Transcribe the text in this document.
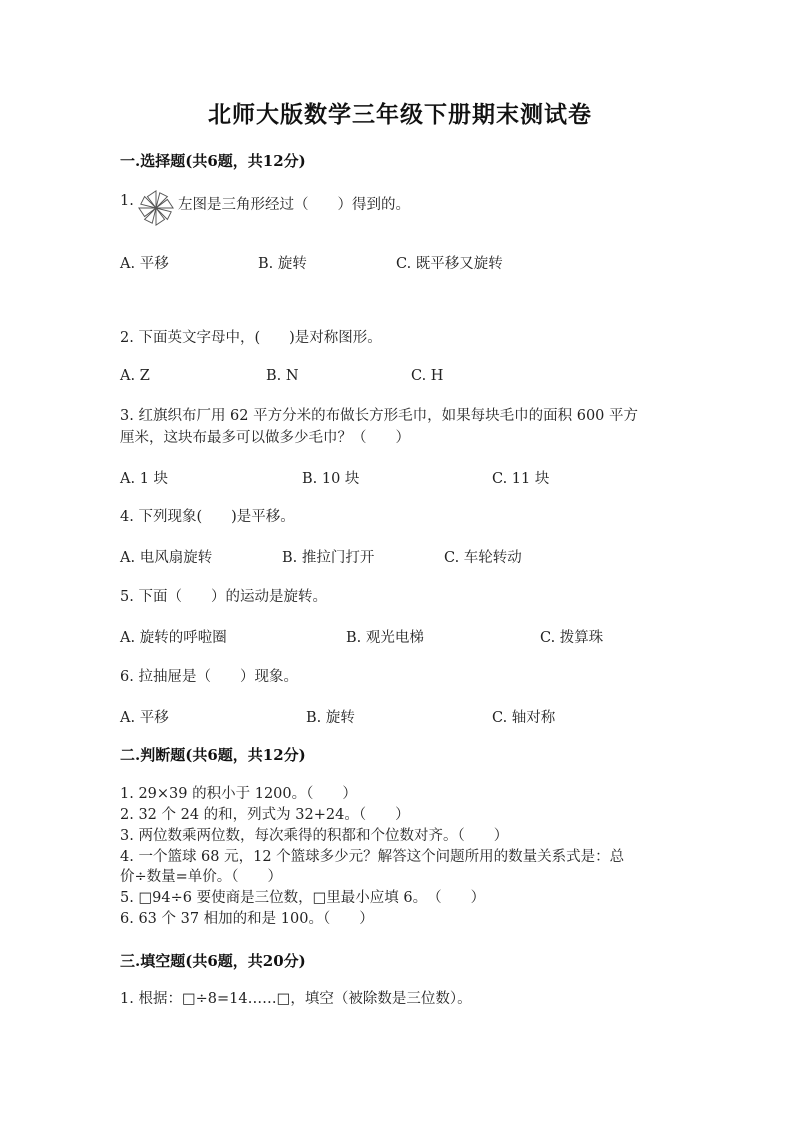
北师大版数学三年级下册期末测试卷
一.选择题(共6题，共12分)
1.	左图是三角形经过（　　）得到的。
A. 平移	B. 旋转	C. 既平移又旋转
2. 下面英文字母中，(　　)是对称图形。
A. Z	B. N	C. H
3. 红旗织布厂用 62 平方分米的布做长方形毛巾，如果每块毛巾的面积 600 平方
厘米，这块布最多可以做多少毛巾？（　　）
A. 1 块	B. 10 块	C. 11 块
4. 下列现象(　　)是平移。
A. 电风扇旋转	B. 推拉门打开	C. 车轮转动
5. 下面（　　）的运动是旋转。
A. 旋转的呼啦圈	B. 观光电梯	C. 拨算珠
6. 拉抽屉是（　　）现象。
A. 平移	B. 旋转	C. 轴对称
二.判断题(共6题，共12分)
1. 29×39 的积小于 1200。（　　）
2. 32 个 24 的和，列式为 32+24。（　　）
3. 两位数乘两位数，每次乘得的积都和个位数对齐。（　　）
4. 一个篮球 68 元，12 个篮球多少元？解答这个问题所用的数量关系式是：总
价÷数量=单价。（　　）
5. □94÷6 要使商是三位数，□里最小应填 6。　（　　）
6. 63 个 37 相加的和是 100。（　　）
三.填空题(共6题，共20分)
1. 根据：□÷8=14……□，填空（被除数是三位数）。
